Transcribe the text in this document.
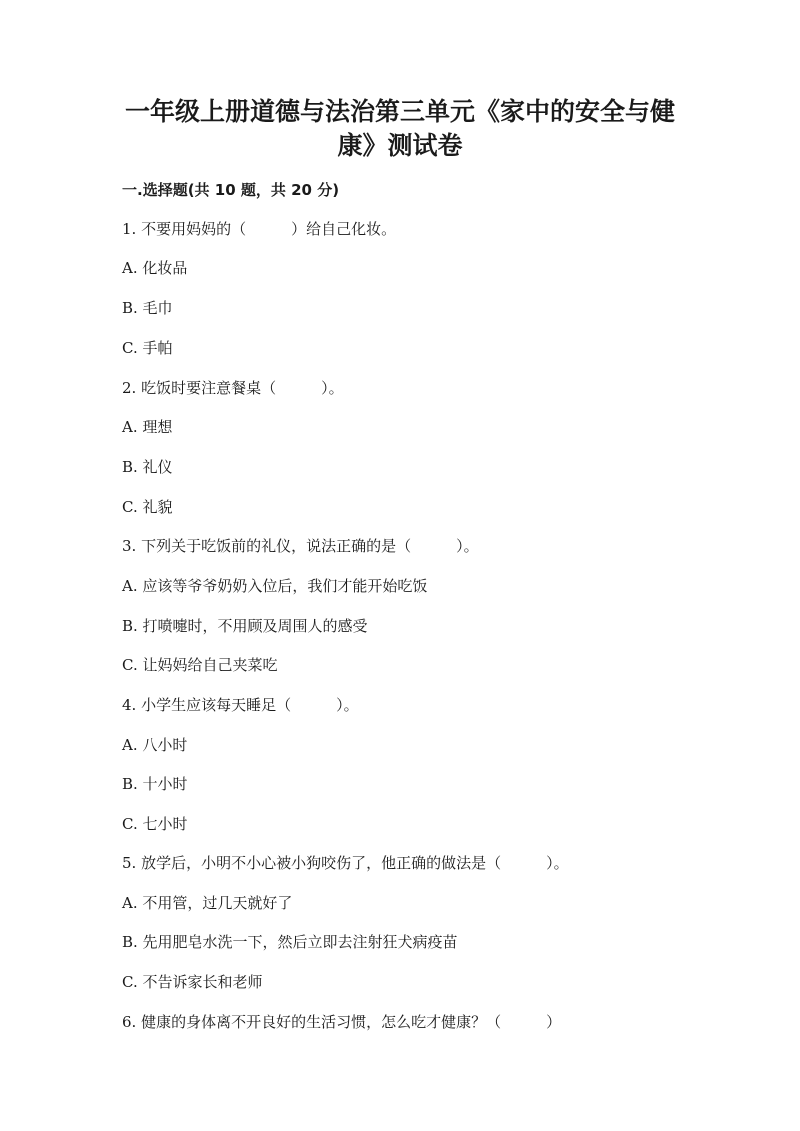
一年级上册道德与法治第三单元《家中的安全与健
康》测试卷
一.选择题(共 10 题，共 20 分)
1. 不要用妈妈的（　　　）给自己化妆。
A. 化妆品
B. 毛巾
C. 手帕
2. 吃饭时要注意餐桌（　　　）。
A. 理想
B. 礼仪
C. 礼貌
3. 下列关于吃饭前的礼仪，说法正确的是（　　　）。
A. 应该等爷爷奶奶入位后，我们才能开始吃饭
B. 打喷嚏时，不用顾及周围人的感受
C. 让妈妈给自己夹菜吃
4. 小学生应该每天睡足（　　　）。
A. 八小时
B. 十小时
C. 七小时
5. 放学后，小明不小心被小狗咬伤了，他正确的做法是（　　　）。
A. 不用管，过几天就好了
B. 先用肥皂水洗一下，然后立即去注射狂犬病疫苗
C. 不告诉家长和老师
6. 健康的身体离不开良好的生活习惯，怎么吃才健康？（　　　）
